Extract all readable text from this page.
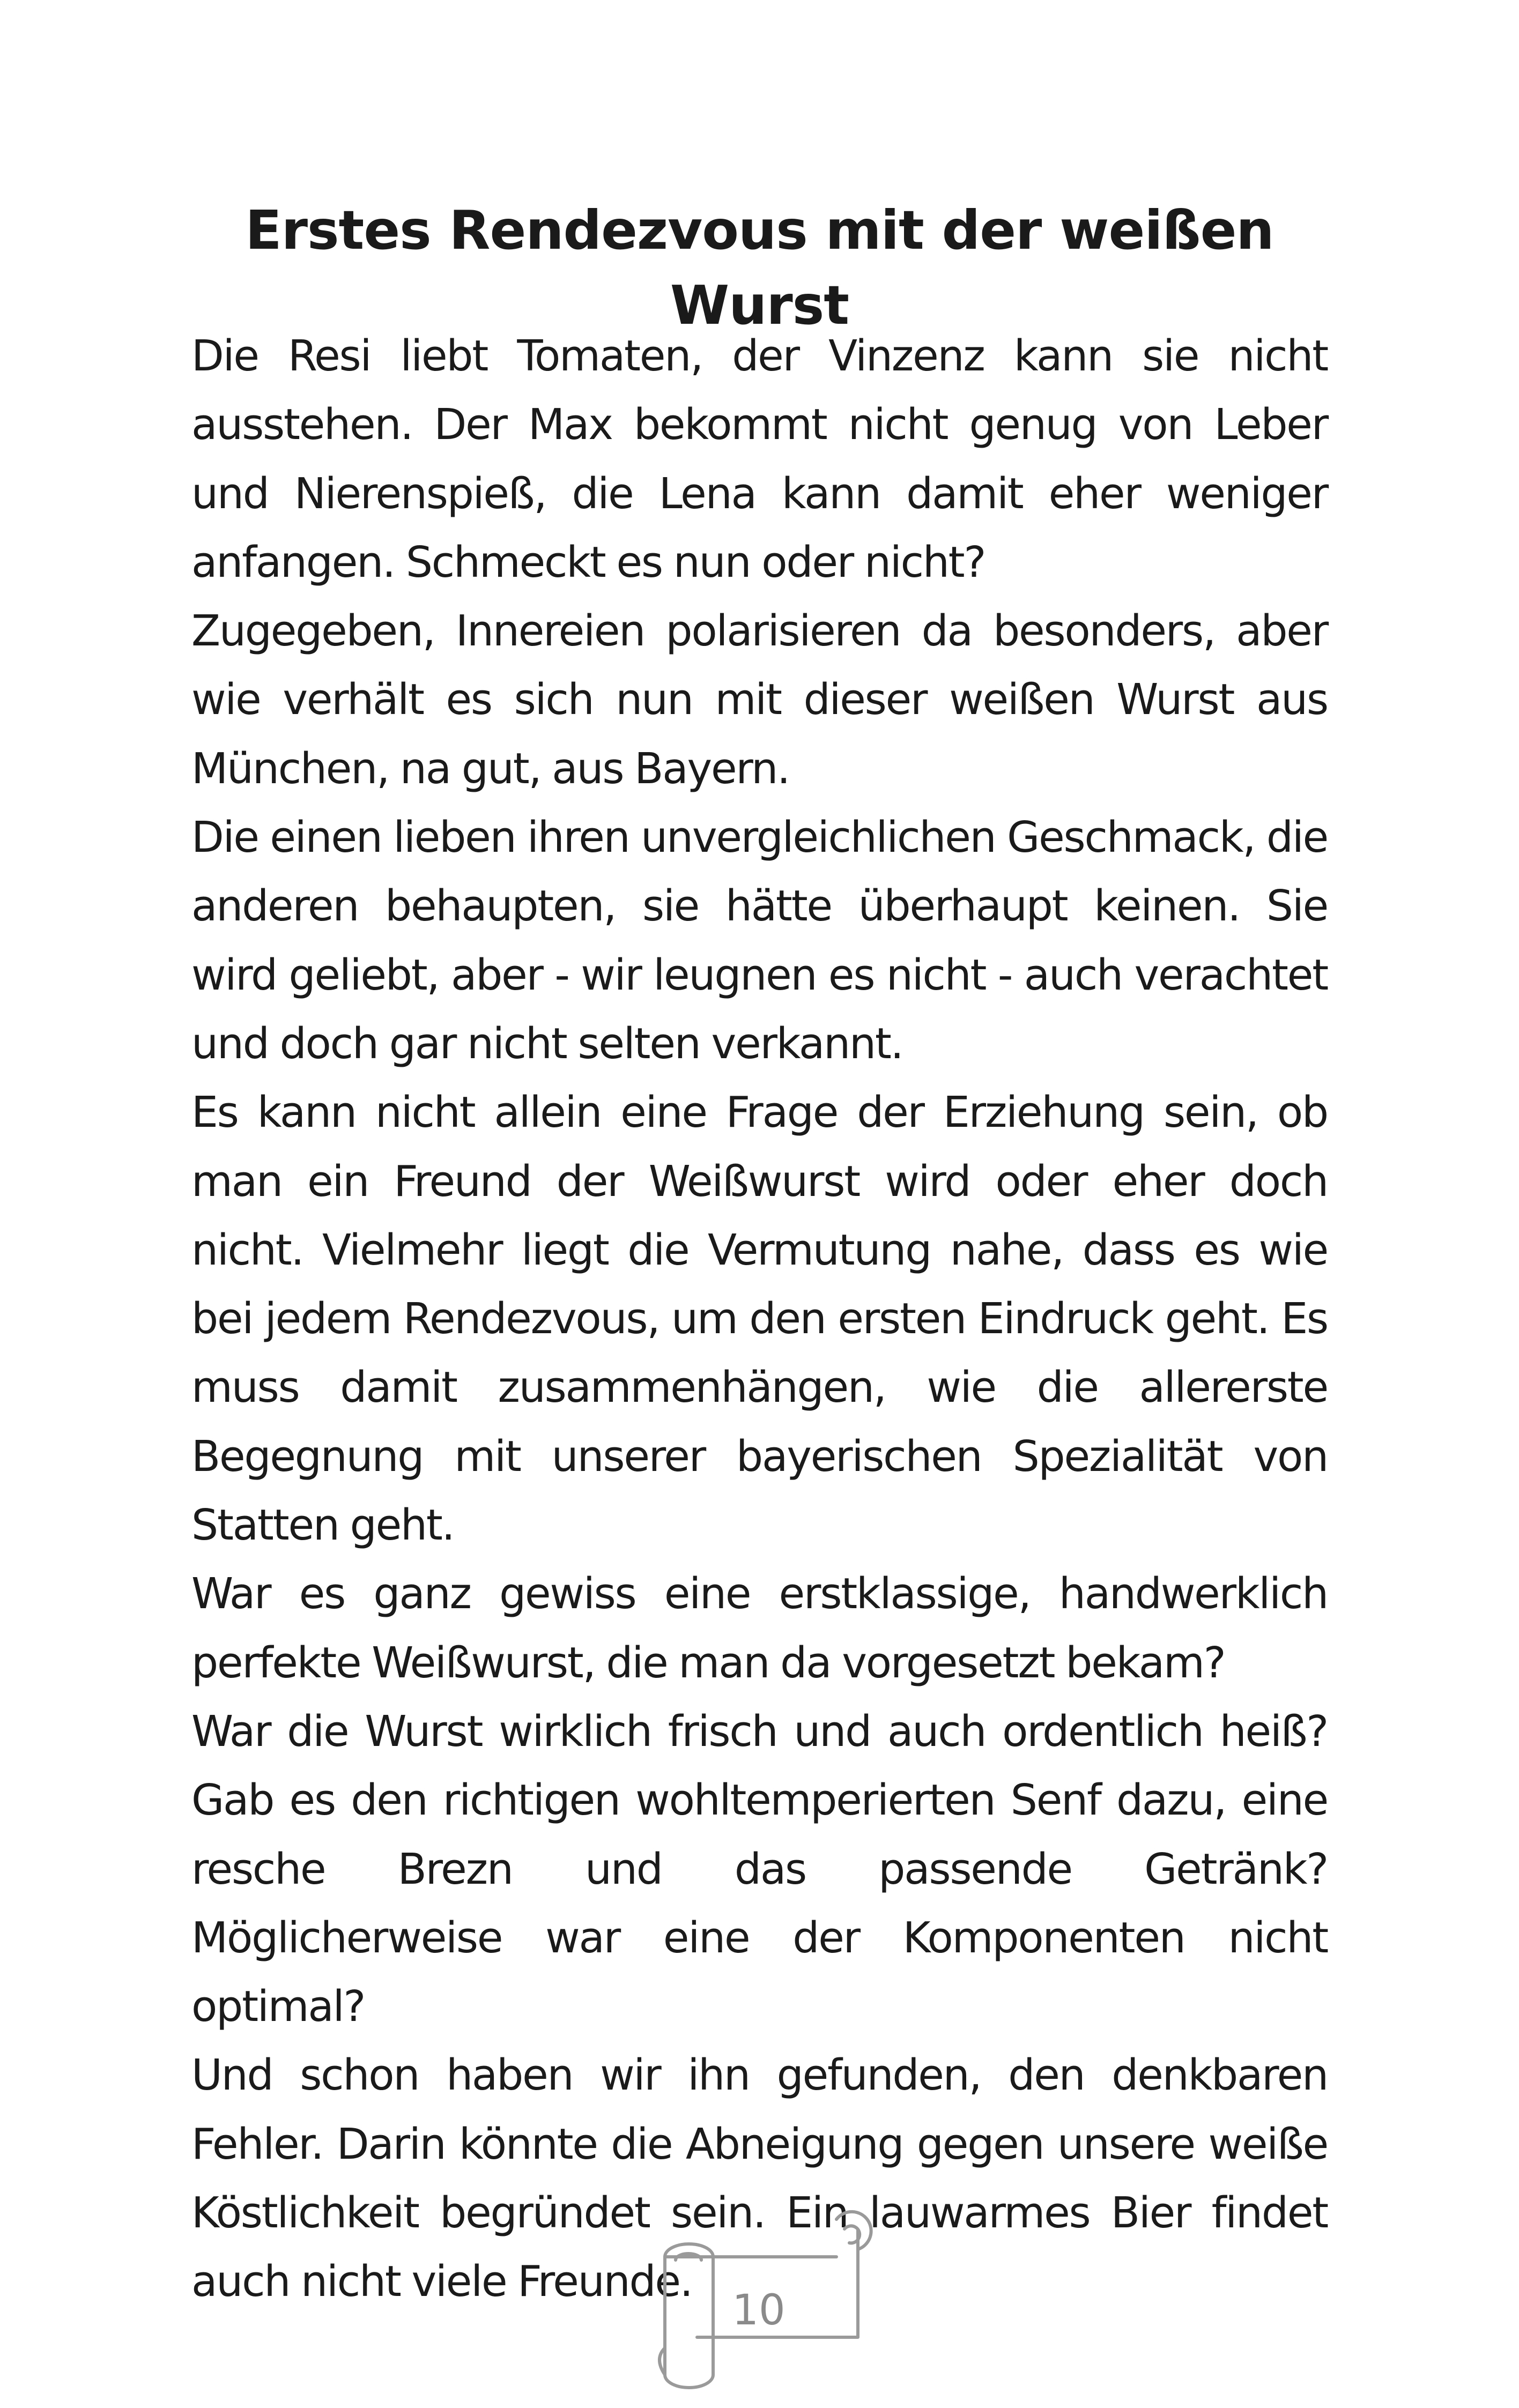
Erstes Rendezvous mit der weißen Wurst

Die Resi liebt Tomaten, der Vinzenz kann sie nicht ausstehen. Der Max bekommt nicht genug von Leber und Nierenspieß, die Lena kann damit eher weniger anfangen. Schmeckt es nun oder nicht?

Zugegeben, Innereien polarisieren da besonders, aber wie verhält es sich nun mit dieser weißen Wurst aus München, na gut, aus Bayern.

Die einen lieben ihren unvergleichlichen Geschmack, die anderen behaupten, sie hätte überhaupt keinen. Sie wird geliebt, aber - wir leugnen es nicht - auch verachtet und doch gar nicht selten verkannt.

Es kann nicht allein eine Frage der Erziehung sein, ob man ein Freund der Weißwurst wird oder eher doch nicht. Vielmehr liegt die Vermutung nahe, dass es wie bei jedem Rendezvous, um den ersten Eindruck geht. Es muss damit zusammenhängen, wie die allererste Begegnung mit unserer bayerischen Spezialität von Statten geht.

War es ganz gewiss eine erstklassige, handwerklich perfekte Weißwurst, die man da vorgesetzt bekam?

War die Wurst wirklich frisch und auch ordentlich heiß? Gab es den richtigen wohltemperierten Senf dazu, eine resche Brezn und das passende Getränk? Möglicherweise war eine der Komponenten nicht optimal?

Und schon haben wir ihn gefunden, den denkbaren Fehler. Darin könnte die Abneigung gegen unsere weiße Köstlichkeit begründet sein. Ein lauwarmes Bier findet auch nicht viele Freunde.

10
